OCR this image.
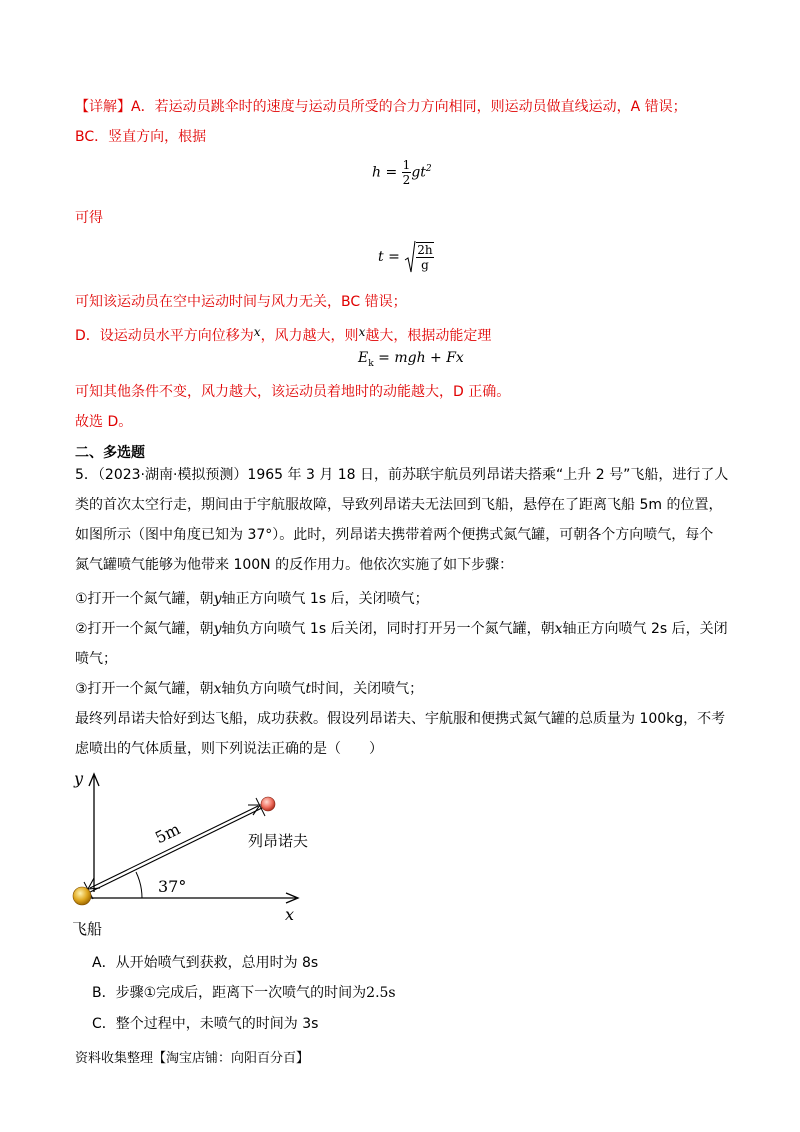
【详解】A．若运动员跳伞时的速度与运动员所受的合力方向相同，则运动员做直线运动，A 错误；
BC．竖直方向，根据
$h = \frac{1}{2} gt^2$
可得
$t = \frac{2h}{g}$
可知该运动员在空中运动时间与风力无关，BC 错误；
D．设运动员水平方向位移为x，风力越大，则x越大，根据动能定理
$E_k$ = mgh + Fx
可知其他条件不变，风力越大，该运动员着地时的动能越大，D 正确。
故选 D。
二、多选题
5．（2023·湖南·模拟预测）1965 年 3 月 18 日，前苏联宇航员列昂诺夫搭乘“上升 2 号”飞船，进行了人
类的首次太空行走，期间由于宇航服故障，导致列昂诺夫无法回到飞船，悬停在了距离飞船 5m 的位置，
如图所示（图中角度已知为 37°）。此时，列昂诺夫携带着两个便携式氮气罐，可朝各个方向喷气，每个
氮气罐喷气能够为他带来 100N 的反作用力。他依次实施了如下步骤：
①打开一个氮气罐，朝y轴正方向喷气 1s 后，关闭喷气；
②打开一个氮气罐，朝y轴负方向喷气 1s 后关闭，同时打开另一个氮气罐，朝x轴正方向喷气 2s 后，关闭
喷气；
③打开一个氮气罐，朝x轴负方向喷气t时间，关闭喷气；
最终列昂诺夫恰好到达飞船，成功获救。假设列昂诺夫、宇航服和便携式氮气罐的总质量为 100kg，不考
虑喷出的气体质量，则下列说法正确的是（　　）
y
x
5m
37°
列昂诺夫
飞船
A．从开始喷气到获救，总用时为 8s
B．步骤①完成后，距离下一次喷气的时间为2.5s
C．整个过程中，未喷气的时间为 3s
资料收集整理【淘宝店铺：向阳百分百】
